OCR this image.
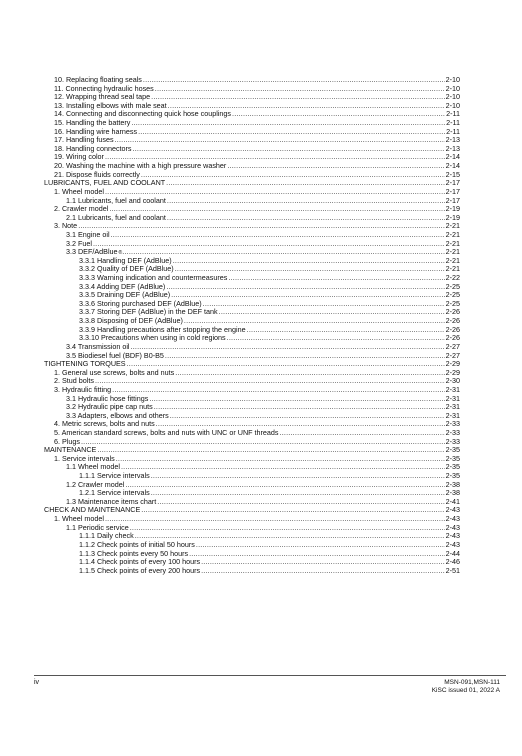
10. Replacing floating seals .....	2-10
11. Connecting hydraulic hoses .....	2-10
12. Wrapping thread seal tape .....	2-10
13. Installing elbows with male seat .....	2-10
14. Connecting and disconnecting quick hose couplings .....	2-11
15. Handling the battery .....	2-11
16. Handling wire harness .....	2-11
17. Handling fuses .....	2-13
18. Handling connectors .....	2-13
19. Wiring color .....	2-14
20. Washing the machine with a high pressure washer .....	2-14
21. Dispose fluids correctly .....	2-15
LUBRICANTS, FUEL AND COOLANT .....	2-17
1. Wheel model .....	2-17
1.1 Lubricants, fuel and coolant .....	2-17
2. Crawler model .....	2-19
2.1 Lubricants, fuel and coolant .....	2-19
3. Note .....	2-21
3.1 Engine oil .....	2-21
3.2 Fuel .....	2-21
3.3 DEF/AdBlue ® .....	2-21
3.3.1 Handling DEF (AdBlue) .....	2-21
3.3.2 Quality of DEF (AdBlue) .....	2-21
3.3.3 Warning indication and countermeasures .....	2-22
3.3.4 Adding DEF (AdBlue) .....	2-25
3.3.5 Draining DEF (AdBlue) .....	2-25
3.3.6 Storing purchased DEF (AdBlue) .....	2-25
3.3.7 Storing DEF (AdBlue) in the DEF tank .....	2-26
3.3.8 Disposing of DEF (AdBlue) .....	2-26
3.3.9 Handling precautions after stopping the engine .....	2-26
3.3.10 Precautions when using in cold regions .....	2-26
3.4 Transmission oil .....	2-27
3.5 Biodiesel fuel (BDF) B0-B5 .....	2-27
TIGHTENING TORQUES .....	2-29
1. General use screws, bolts and nuts .....	2-29
2. Stud bolts .....	2-30
3. Hydraulic fitting .....	2-31
3.1 Hydraulic hose fittings .....	2-31
3.2 Hydraulic pipe cap nuts .....	2-31
3.3 Adapters, elbows and others .....	2-31
4. Metric screws, bolts and nuts .....	2-33
5. American standard screws, bolts and nuts with UNC or UNF threads .....	2-33
6. Plugs .....	2-33
MAINTENANCE .....	2-35
1. Service intervals .....	2-35
1.1 Wheel model .....	2-35
1.1.1 Service intervals .....	2-35
1.2 Crawler model .....	2-38
1.2.1 Service intervals .....	2-38
1.3 Maintenance items chart .....	2-41
CHECK AND MAINTENANCE .....	2-43
1. Wheel model .....	2-43
1.1 Periodic service .....	2-43
1.1.1 Daily check .....	2-43
1.1.2 Check points of initial 50 hours .....	2-43
1.1.3 Check points every 50 hours .....	2-44
1.1.4 Check points of every 100 hours .....	2-46
1.1.5 Check points of every 200 hours .....	2-51
iv	MSN-091,MSN-111
KiSC issued 01, 2022 A
